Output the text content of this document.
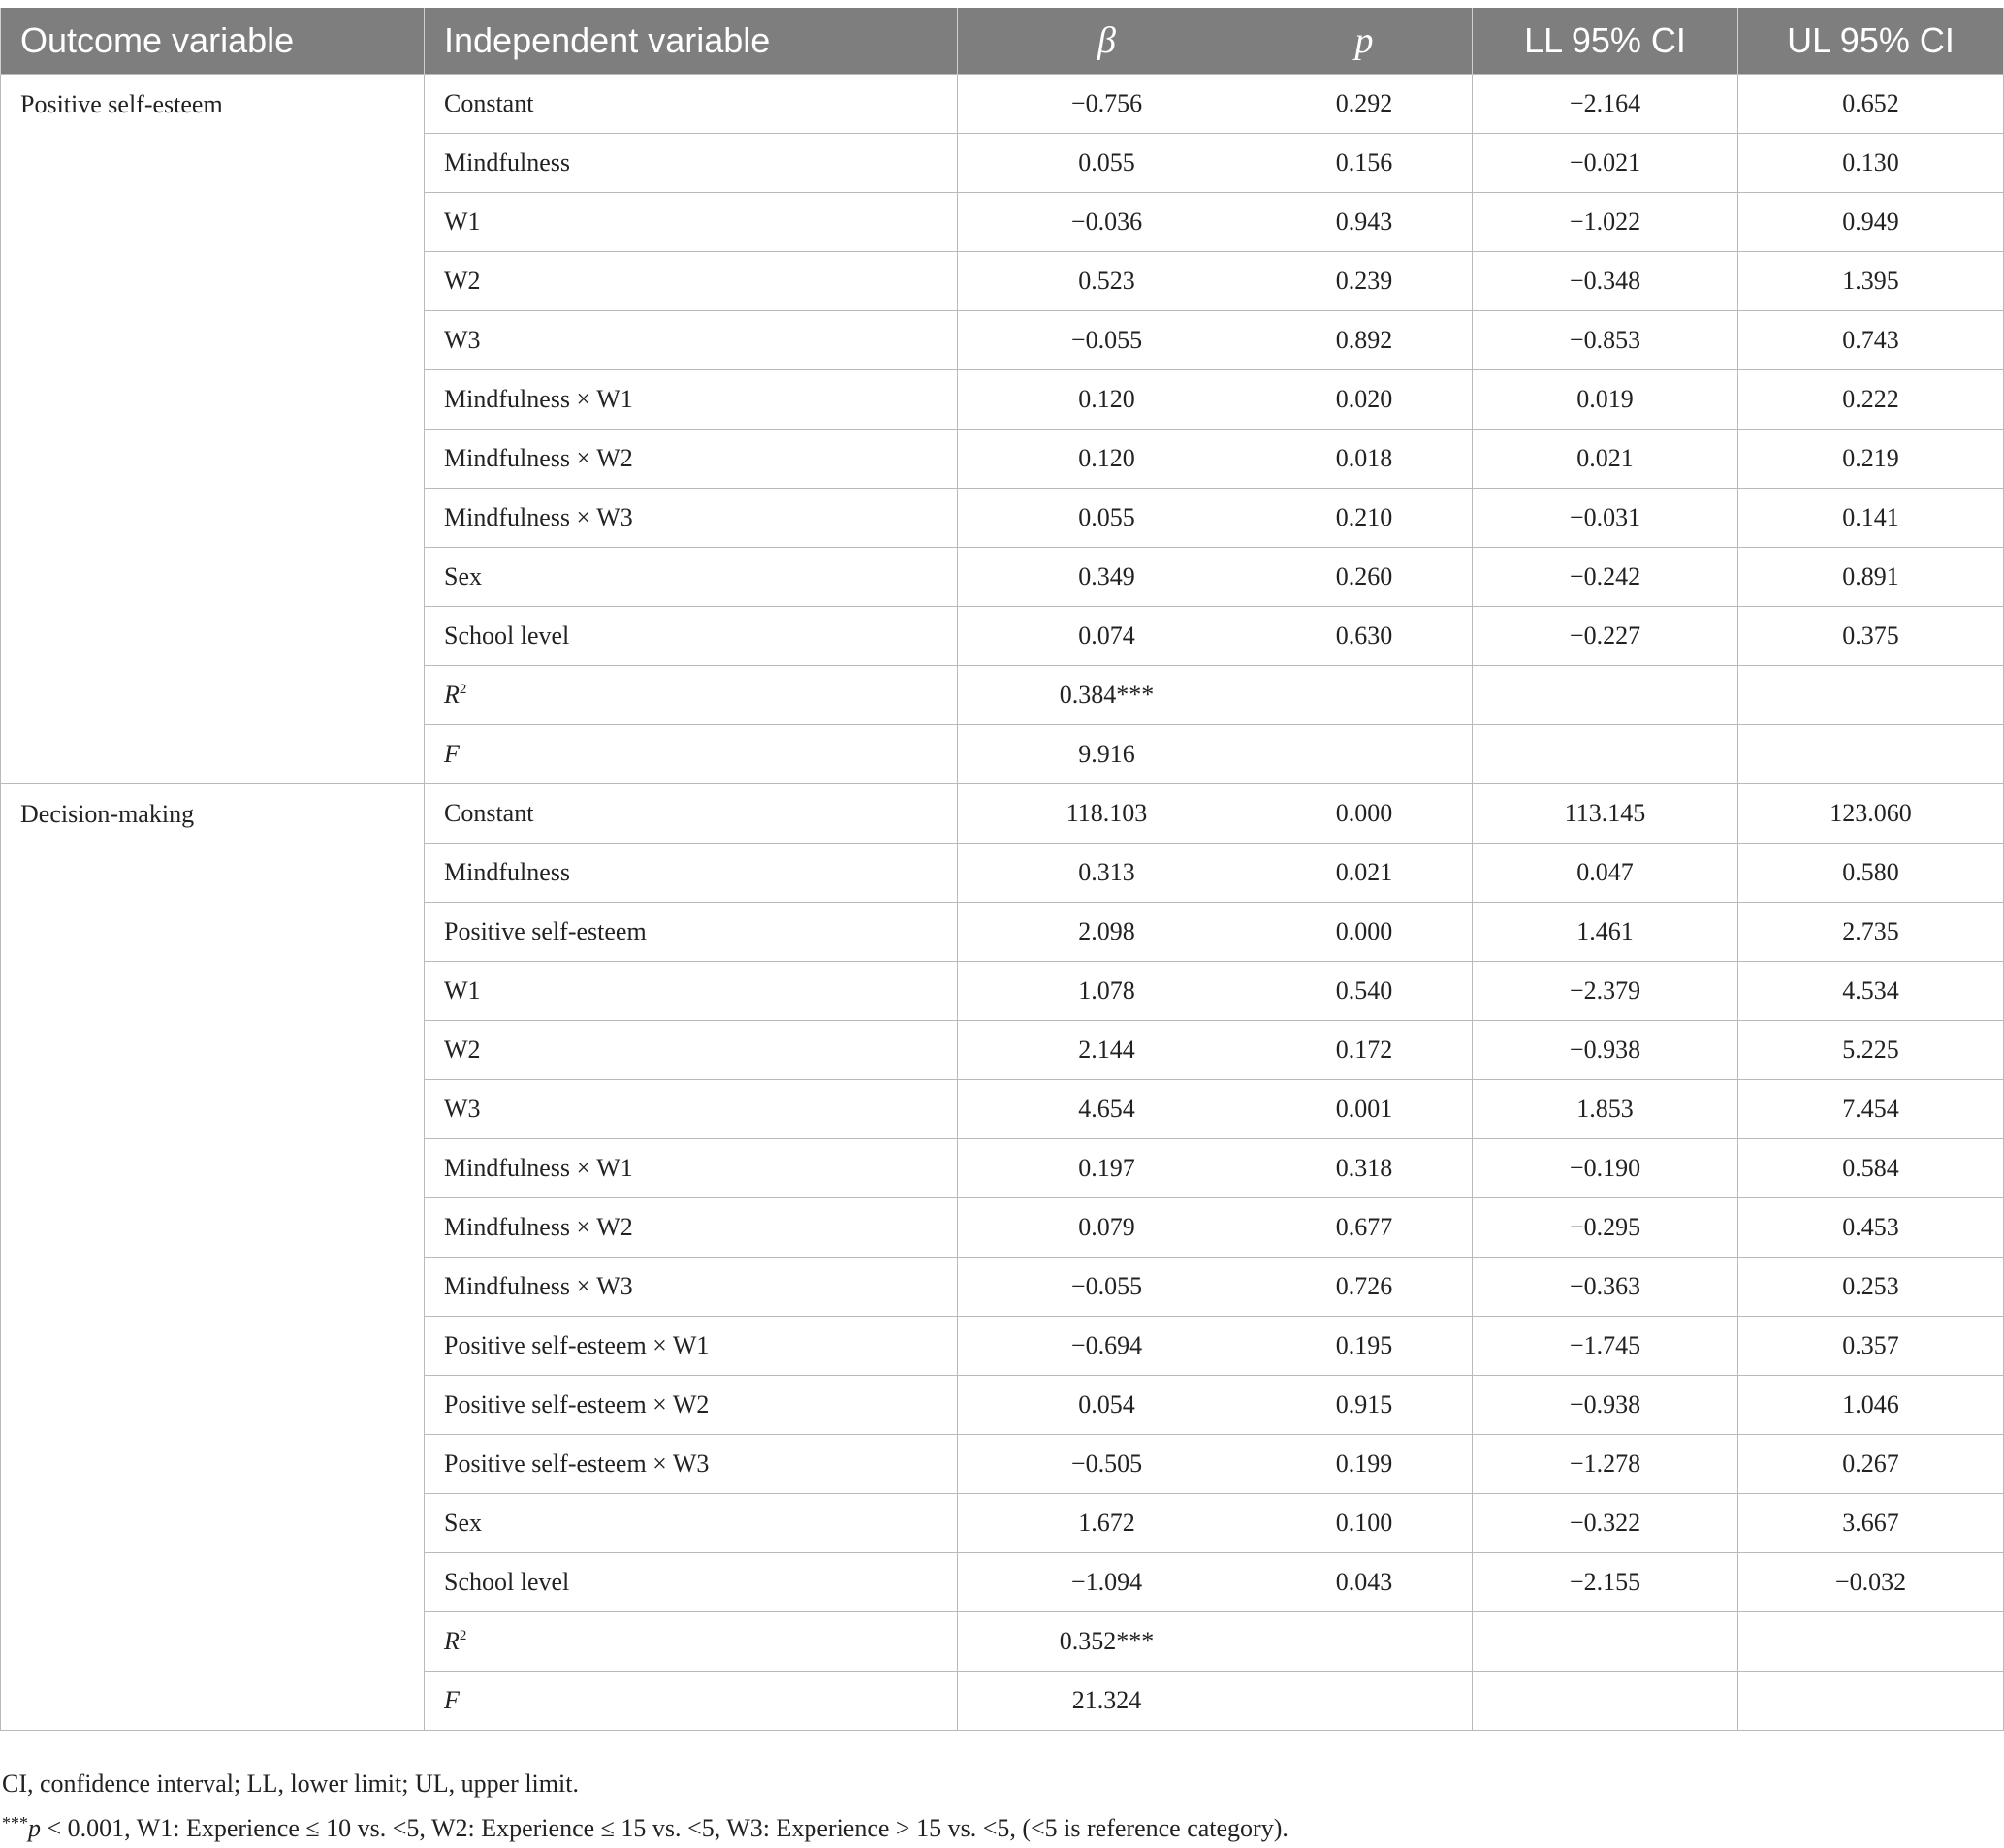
Outcome variable	Independent variable	β	p	LL 95% CI	UL 95% CI
Positive self-esteem	Constant	−0.756	0.292	−2.164	0.652
	Mindfulness	0.055	0.156	−0.021	0.130
	W1	−0.036	0.943	−1.022	0.949
	W2	0.523	0.239	−0.348	1.395
	W3	−0.055	0.892	−0.853	0.743
	Mindfulness × W1	0.120	0.020	0.019	0.222
	Mindfulness × W2	0.120	0.018	0.021	0.219
	Mindfulness × W3	0.055	0.210	−0.031	0.141
	Sex	0.349	0.260	−0.242	0.891
	School level	0.074	0.630	−0.227	0.375
	$R^2$	0.384***			
	F	9.916			
Decision-making	Constant	118.103	0.000	113.145	123.060
	Mindfulness	0.313	0.021	0.047	0.580
	Positive self-esteem	2.098	0.000	1.461	2.735
	W1	1.078	0.540	−2.379	4.534
	W2	2.144	0.172	−0.938	5.225
	W3	4.654	0.001	1.853	7.454
	Mindfulness × W1	0.197	0.318	−0.190	0.584
	Mindfulness × W2	0.079	0.677	−0.295	0.453
	Mindfulness × W3	−0.055	0.726	−0.363	0.253
	Positive self-esteem × W1	−0.694	0.195	−1.745	0.357
	Positive self-esteem × W2	0.054	0.915	−0.938	1.046
	Positive self-esteem × W3	−0.505	0.199	−1.278	0.267
	Sex	1.672	0.100	−0.322	3.667
	School level	−1.094	0.043	−2.155	−0.032
	$R^2$	0.352***			
	F	21.324			
CI, confidence interval; LL, lower limit; UL, upper limit.
***p < 0.001, W1: Experience ≤ 10 vs. <5, W2: Experience ≤ 15 vs. <5, W3: Experience > 15 vs. <5, (<5 is reference category).
